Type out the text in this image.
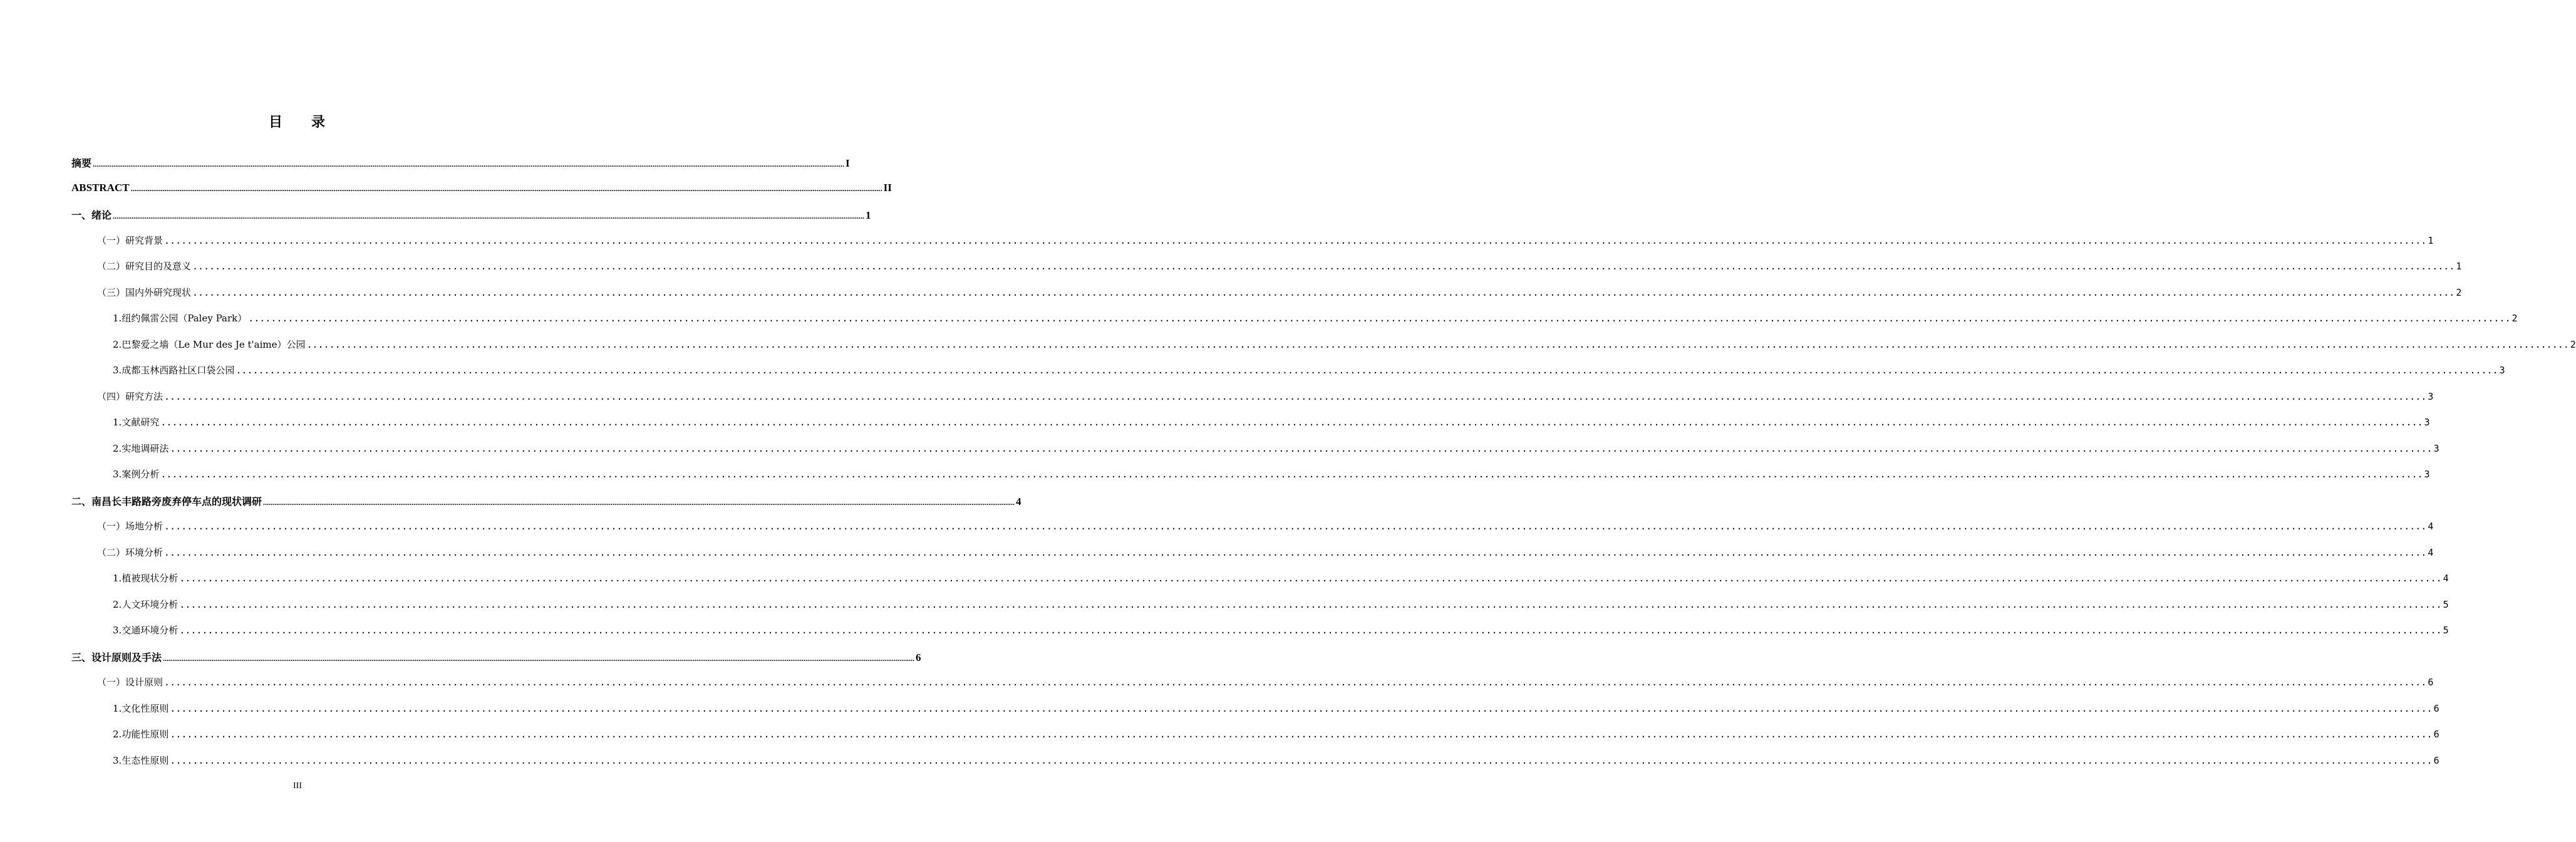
目 录
摘 要 ................................................................................................................................................................................................................................................................................................................................................................................................................ I
ABSTRACT ................................................................................................................................................................................................................................................................................................................................................................................................................ II
一、 绪论 ................................................................................................................................................................................................................................................................................................................................................................................................................ 1
（一） 研究背景 ................................................................................................................................................................................................................................................................................................................................................................................................................ 1
（二） 研究目的及意义 ................................................................................................................................................................................................................................................................................................................................................................................................................ 1
（三） 国内外研究现状 ................................................................................................................................................................................................................................................................................................................................................................................................................ 2
1. 纽约佩雷公园（Paley Park） ................................................................................................................................................................................................................................................................................................................................................................................................................ 2
2. 巴黎爱之墙（Le Mur des Je t'aime）公园 ................................................................................................................................................................................................................................................................................................................................................................................................................ 2
3. 成都玉林西路社区口袋公园 ................................................................................................................................................................................................................................................................................................................................................................................................................ 3
（四） 研究方法 ................................................................................................................................................................................................................................................................................................................................................................................................................ 3
1. 文献研究 ................................................................................................................................................................................................................................................................................................................................................................................................................ 3
2. 实地调研法 ................................................................................................................................................................................................................................................................................................................................................................................................................ 3
3. 案例分析 ................................................................................................................................................................................................................................................................................................................................................................................................................ 3
二、 南昌长丰路路旁废弃停车点的现状调研 ................................................................................................................................................................................................................................................................................................................................................................................................................ 4
（一） 场地分析 ................................................................................................................................................................................................................................................................................................................................................................................................................ 4
（二） 环境分析 ................................................................................................................................................................................................................................................................................................................................................................................................................ 4
1. 植被现状分析 ................................................................................................................................................................................................................................................................................................................................................................................................................ 4
2. 人文环境分析 ................................................................................................................................................................................................................................................................................................................................................................................................................ 5
3. 交通环境分析 ................................................................................................................................................................................................................................................................................................................................................................................................................ 5
三、 设计原则及手法 ................................................................................................................................................................................................................................................................................................................................................................................................................ 6
（一） 设计原则 ................................................................................................................................................................................................................................................................................................................................................................................................................ 6
1. 文化性原则 ................................................................................................................................................................................................................................................................................................................................................................................................................ 6
2. 功能性原则 ................................................................................................................................................................................................................................................................................................................................................................................................................ 6
3. 生态性原则 ................................................................................................................................................................................................................................................................................................................................................................................................................ 6
III
